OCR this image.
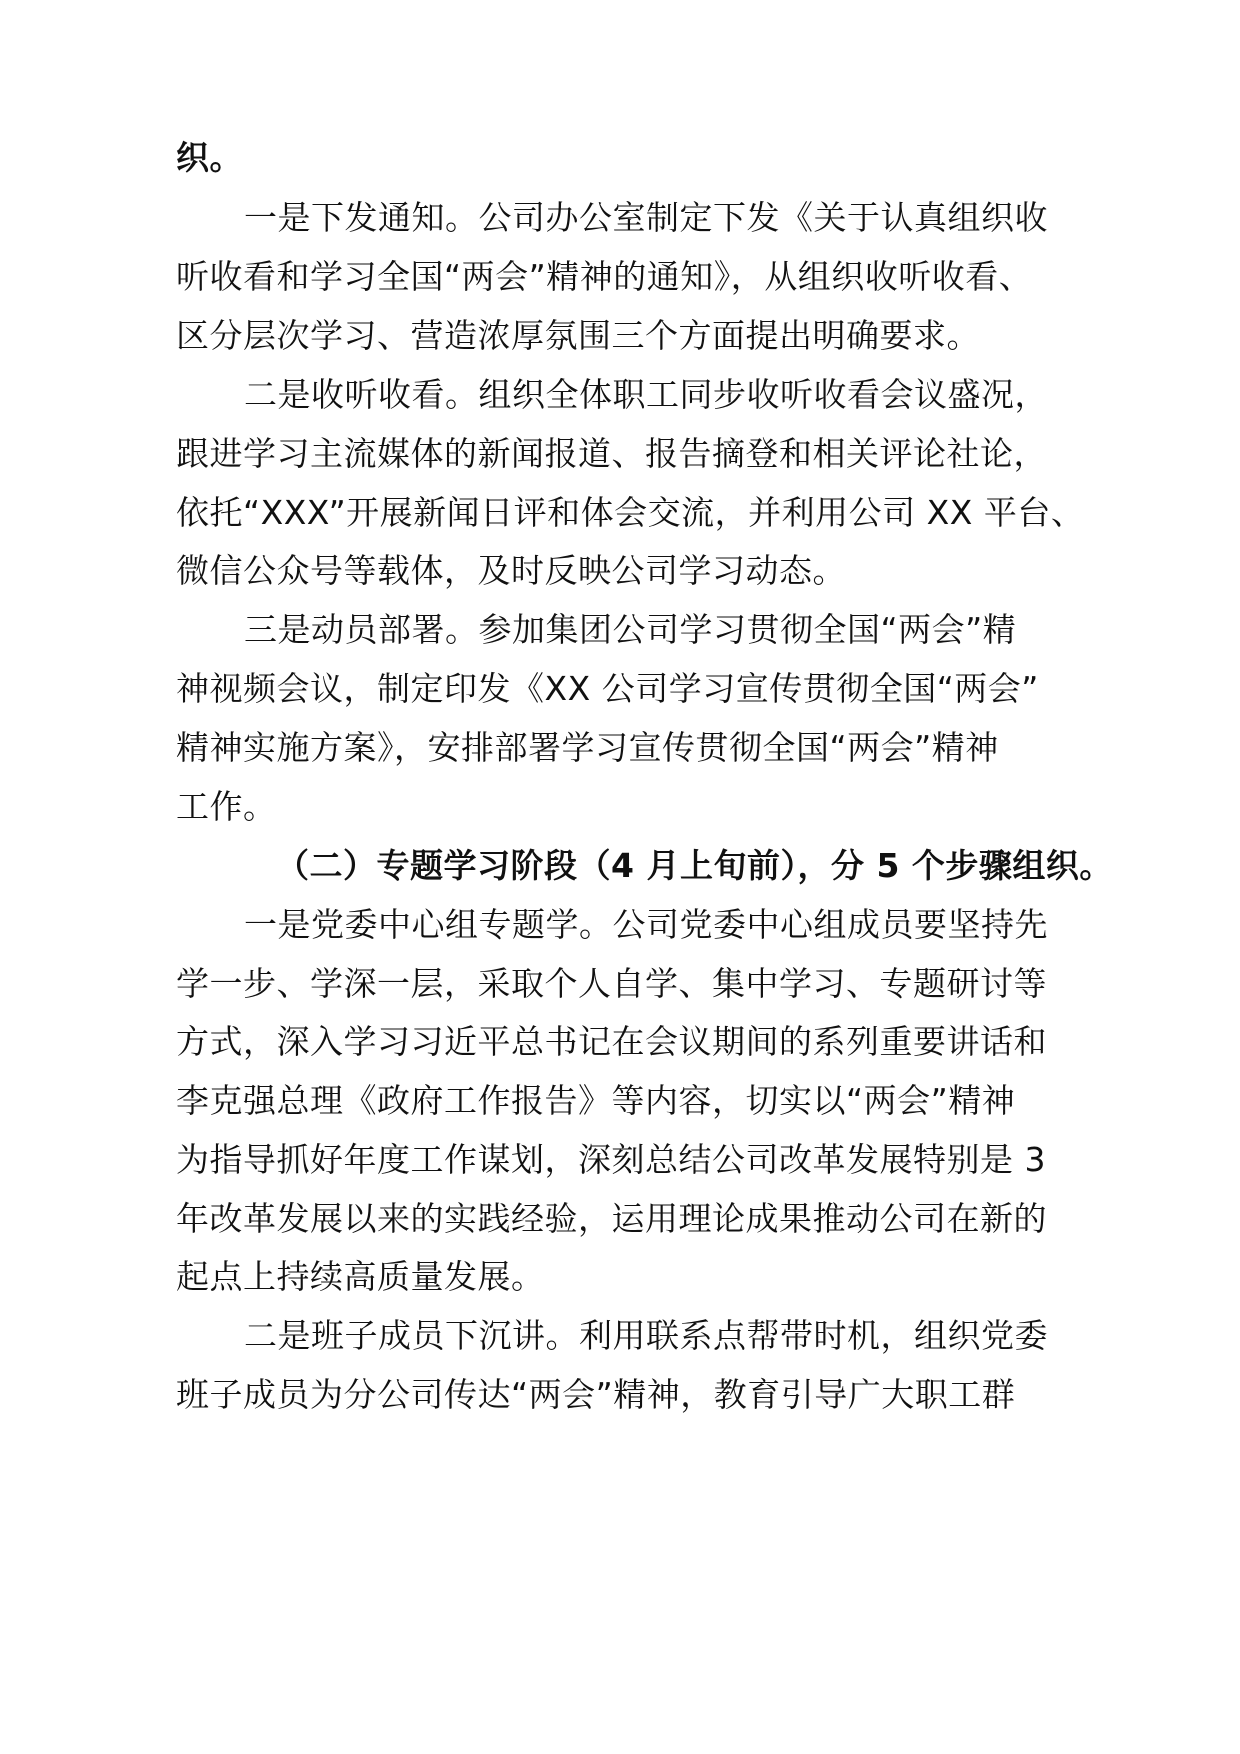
织。
一是下发通知。公司办公室制定下发《关于认真组织收
听收看和学习全国“两会”精神的通知》，从组织收听收看、
区分层次学习、营造浓厚氛围三个方面提出明确要求。
二是收听收看。组织全体职工同步收听收看会议盛况，
跟进学习主流媒体的新闻报道、报告摘登和相关评论社论，
依托“XXX”开展新闻日评和体会交流，并利用公司 XX 平台、
微信公众号等载体，及时反映公司学习动态。
三是动员部署。参加集团公司学习贯彻全国“两会”精
神视频会议，制定印发《XX 公司学习宣传贯彻全国“两会”
精神实施方案》，安排部署学习宣传贯彻全国“两会”精神
工作。
（二）专题学习阶段（4 月上旬前），分 5 个步骤组织。
一是党委中心组专题学。公司党委中心组成员要坚持先
学一步、学深一层，采取个人自学、集中学习、专题研讨等
方式，深入学习习近平总书记在会议期间的系列重要讲话和
李克强总理《政府工作报告》等内容，切实以“两会”精神
为指导抓好年度工作谋划，深刻总结公司改革发展特别是 3
年改革发展以来的实践经验，运用理论成果推动公司在新的
起点上持续高质量发展。
二是班子成员下沉讲。利用联系点帮带时机，组织党委
班子成员为分公司传达“两会”精神，教育引导广大职工群
